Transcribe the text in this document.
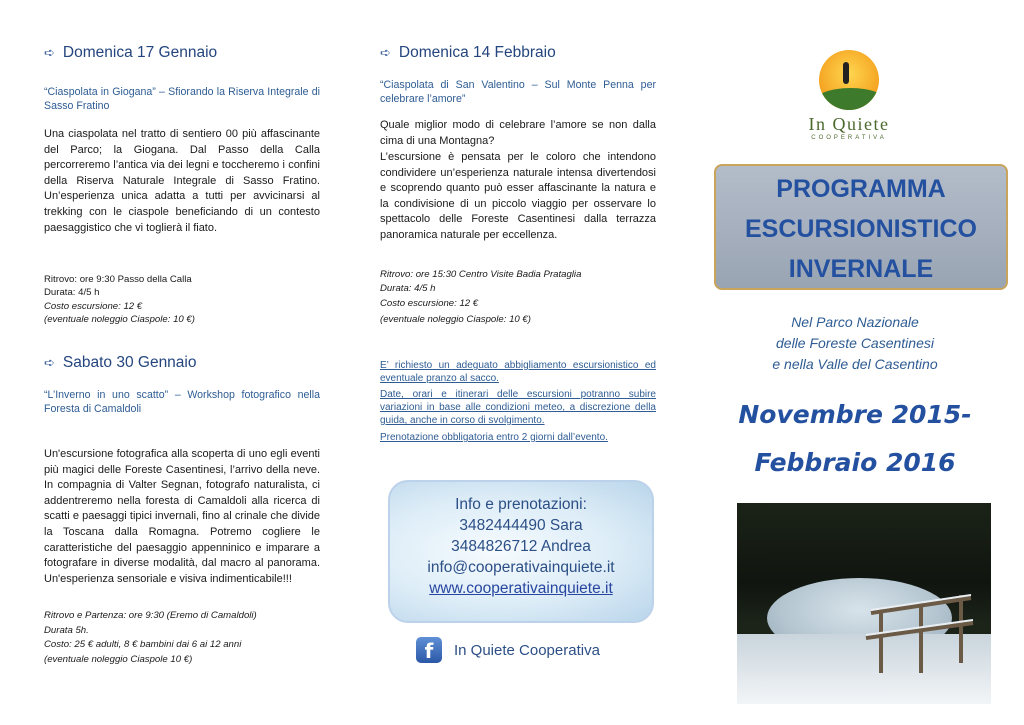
➪ Domenica 17 Gennaio
“Ciaspolata in Giogana” – Sfiorando la Riserva Integrale di Sasso Fratino
Una ciaspolata nel tratto di sentiero 00 più affascinante del Parco; la Giogana. Dal Passo della Calla percorreremo l’antica via dei legni e toccheremo i confini della Riserva Naturale Integrale di Sasso Fratino. Un’esperienza unica adatta a tutti per avvicinarsi al trekking con le ciaspole beneficiando di un contesto paesaggistico che vi toglierà il fiato.
Ritrovo: ore 9:30 Passo della Calla
Durata: 4/5 h
Costo escursione: 12 €
(eventuale noleggio Ciaspole: 10 €)
➪ Sabato 30 Gennaio
“L’Inverno in uno scatto” – Workshop fotografico nella Foresta di Camaldoli
Un'escursione fotografica alla scoperta di uno egli eventi più magici delle Foreste Casentinesi, l’arrivo della neve. In compagnia di Valter Segnan, fotografo naturalista, ci addentreremo nella foresta di Camaldoli alla ricerca di scatti e paesaggi tipici invernali, fino al crinale che divide la Toscana dalla Romagna. Potremo cogliere le caratteristiche del paesaggio appenninico e imparare a fotografare in diverse modalità, dal macro al panorama. Un'esperienza sensoriale e visiva indimenticabile!!!
Ritrovo e Partenza: ore 9:30 (Eremo di Camaldoli)
Durata 5h.
Costo: 25 € adulti, 8 € bambini dai 6 ai 12 anni
(eventuale noleggio Ciaspole 10 €)
➪ Domenica 14 Febbraio
“Ciaspolata di San Valentino – Sul Monte Penna per celebrare l’amore”
Quale miglior modo di celebrare l’amore se non dalla cima di una Montagna?
L’escursione è pensata per le coloro che intendono condividere un’esperienza naturale intensa divertendosi e scoprendo quanto può esser affascinante la natura e la condivisione di un piccolo viaggio per osservare lo spettacolo delle Foreste Casentinesi dalla terrazza panoramica naturale per eccellenza.
Ritrovo: ore 15:30 Centro Visite Badia Prataglia
Durata: 4/5 h
Costo escursione: 12 €
(eventuale noleggio Ciaspole: 10 €)
E’ richiesto un adeguato abbigliamento escursionistico ed eventuale pranzo al sacco.
Date, orari e itinerari delle escursioni potranno subire variazioni in base alle condizioni meteo, a discrezione della guida, anche in corso di svolgimento.
Prenotazione obbligatoria entro 2 giorni dall’evento.
Info e prenotazioni:
3482444490 Sara
3484826712 Andrea
info@cooperativainquiete.it
www.cooperativainquiete.it
f	In Quiete Cooperativa
In Quiete
COOPERATIVA
PROGRAMMA
ESCURSIONISTICO
INVERNALE
Nel Parco Nazionale
delle Foreste Casentinesi
e nella Valle del Casentino
Novembre 2015-
Febbraio 2016
